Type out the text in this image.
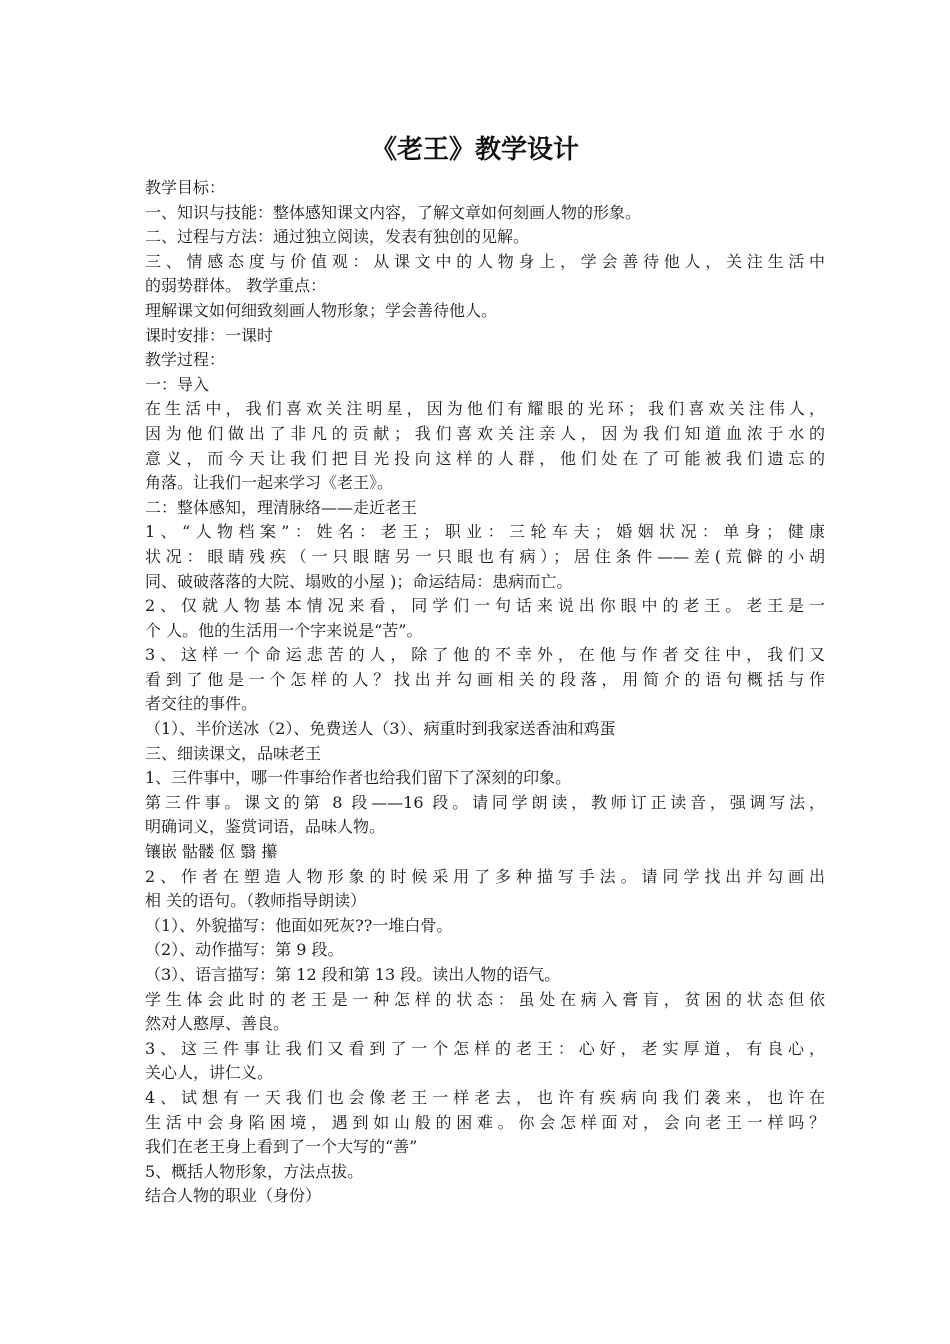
《老王》教学设计
教学目标：
一、知识与技能：整体感知课文内容，了解文章如何刻画人物的形象。
二、过程与方法：通过独立阅读，发表有独创的见解。
三、情感态度与价值观：从课文中的人物身上，学会善待他人，关注生活中
的弱势群体。 教学重点：
理解课文如何细致刻画人物形象；学会善待他人。
课时安排：一课时
教学过程：
一：导入
在生活中，我们喜欢关注明星，因为他们有耀眼的光环；我们喜欢关注伟人，
因为他们做出了非凡的贡献；我们喜欢关注亲人，因为我们知道血浓于水的
意义，而今天让我们把目光投向这样的人群，他们处在了可能被我们遗忘的
角落。让我们一起来学习《老王》。
二：整体感知，理清脉络——走近老王
1、“人物档案”：姓名：老王；职业：三轮车夫；婚姻状况：单身；健康
状况：眼睛残疾（一只眼瞎另一只眼也有病）；居住条件——差(荒僻的小胡
同、破破落落的大院、塌败的小屋 )；命运结局：患病而亡。
2、仅就人物基本情况来看，同学们一句话来说出你眼中的老王。老王是一
个 人。他的生活用一个字来说是“苦”。
3、这样一个命运悲苦的人，除了他的不幸外，在他与作者交往中，我们又
看到了他是一个怎样的人？找出并勾画相关的段落，用简介的语句概括与作
者交往的事件。
（1）、半价送冰（2）、免费送人（3）、病重时到我家送香油和鸡蛋
三、细读课文，品味老王
1、三件事中，哪一件事给作者也给我们留下了深刻的印象。
第三件事。课文的第 8 段——16 段。请同学朗读，教师订正读音，强调写法，
明确词义，鉴赏词语，品味人物。
镶嵌 骷髅 伛 翳 攥
2、作者在塑造人物形象的时候采用了多种描写手法。请同学找出并勾画出
相 关的语句。（教师指导朗读）
（1）、外貌描写：他面如死灰??一堆白骨。
（2）、动作描写：第 9 段。
（3）、语言描写：第 12 段和第 13 段。读出人物的语气。
学生体会此时的老王是一种怎样的状态：虽处在病入膏肓，贫困的状态但依
然对人憨厚、善良。
3、这三件事让我们又看到了一个怎样的老王：心好，老实厚道，有良心，
关心人，讲仁义。
4、试想有一天我们也会像老王一样老去，也许有疾病向我们袭来，也许在
生活中会身陷困境，遇到如山般的困难。你会怎样面对，会向老王一样吗？
我们在老王身上看到了一个大写的“善”
5、概括人物形象，方法点拔。
结合人物的职业（身份）
